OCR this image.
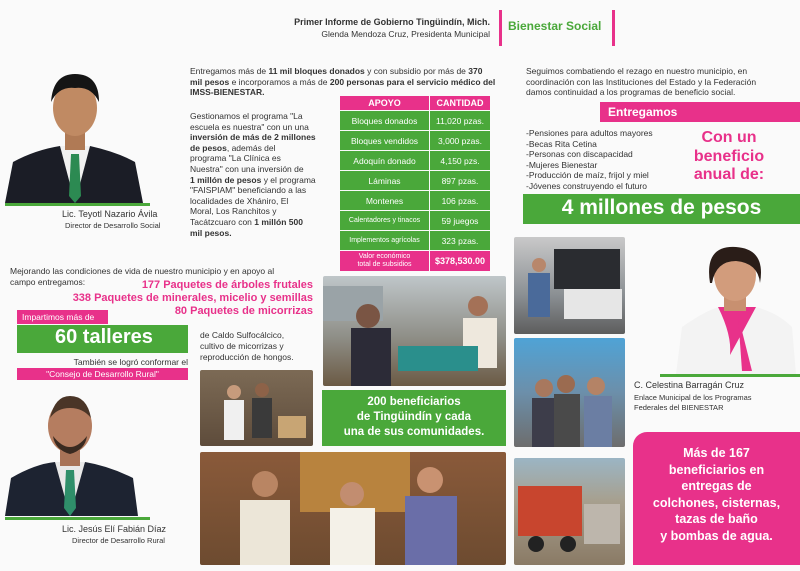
Primer Informe de Gobierno Tingüindín, Mich.
Glenda Mendoza Cruz, Presidenta Municipal
Bienestar Social
Lic. Teyotl Nazario Ávila
Director de Desarrollo Social

Entregamos más de 11 mil bloques donados y con subsidio por más de 370

mil pesos e incorporamos a más de 200 personas para el servicio médico del

IMSS-BIENESTAR.

Gestionamos el programa "La

escuela es nuestra" con un una

inversión de más de 2 millones

de pesos, además del

programa "La Clínica es

Nuestra" con una inversión de

1 millón de pesos y el programa

"FAISPIAM" beneficiando a las

localidades de Xhániro, El

Moral, Los Ranchitos y

Tacátzcuaro con 1 millón 500

mil pesos.

APOYO	CANTIDAD
Bloques donados	11,020 pzas.
Bloques vendidos	3,000 pzas.
Adoquín donado	4,150 pzs.
Láminas	897 pzas.
Montenes	106 pzas.
Calentadores y tinacos	59 juegos
Implementos agrícolas	323 pzas.
Valor económico
total de subsidios	$378,530.00
Mejorando las condiciones de vida de nuestro municipio y en apoyo al
campo entregamos:	177 Paquetes de árboles frutales
338 Paquetes de minerales, micelio y semillas
80 Paquetes de micorrizas
Impartimos más de
60 talleres	de Caldo Sulfocálcico,
cultivo de micorrizas y
reproducción de hongos.
También se logró conformar el
"Consejo de Desarrollo Rural"
Lic. Jesús Elí Fabián Díaz
Director de Desarrollo Rural

200 beneficiarios

de Tingüindín y cada

una de sus comunidades.

Seguimos combatiendo el rezago en nuestro municipio, en

coordinación con las Instituciones del Estado y la Federación

damos continuidad a los programas de beneficio social.

Entregamos

-Pensiones para adultos mayores

-Becas Rita Cetina

-Personas con discapacidad

-Mujeres Bienestar

-Producción de maíz, frijol y miel

-Jóvenes construyendo el futuro

Con un

beneficio

anual de:

4 millones de pesos
C. Celestina Barragán Cruz
Enlace Municipal de los Programas
Federales del BIENESTAR

Más de 167

beneficiarios en

entregas de

colchones, cisternas,

tazas de baño

y bombas de agua.
